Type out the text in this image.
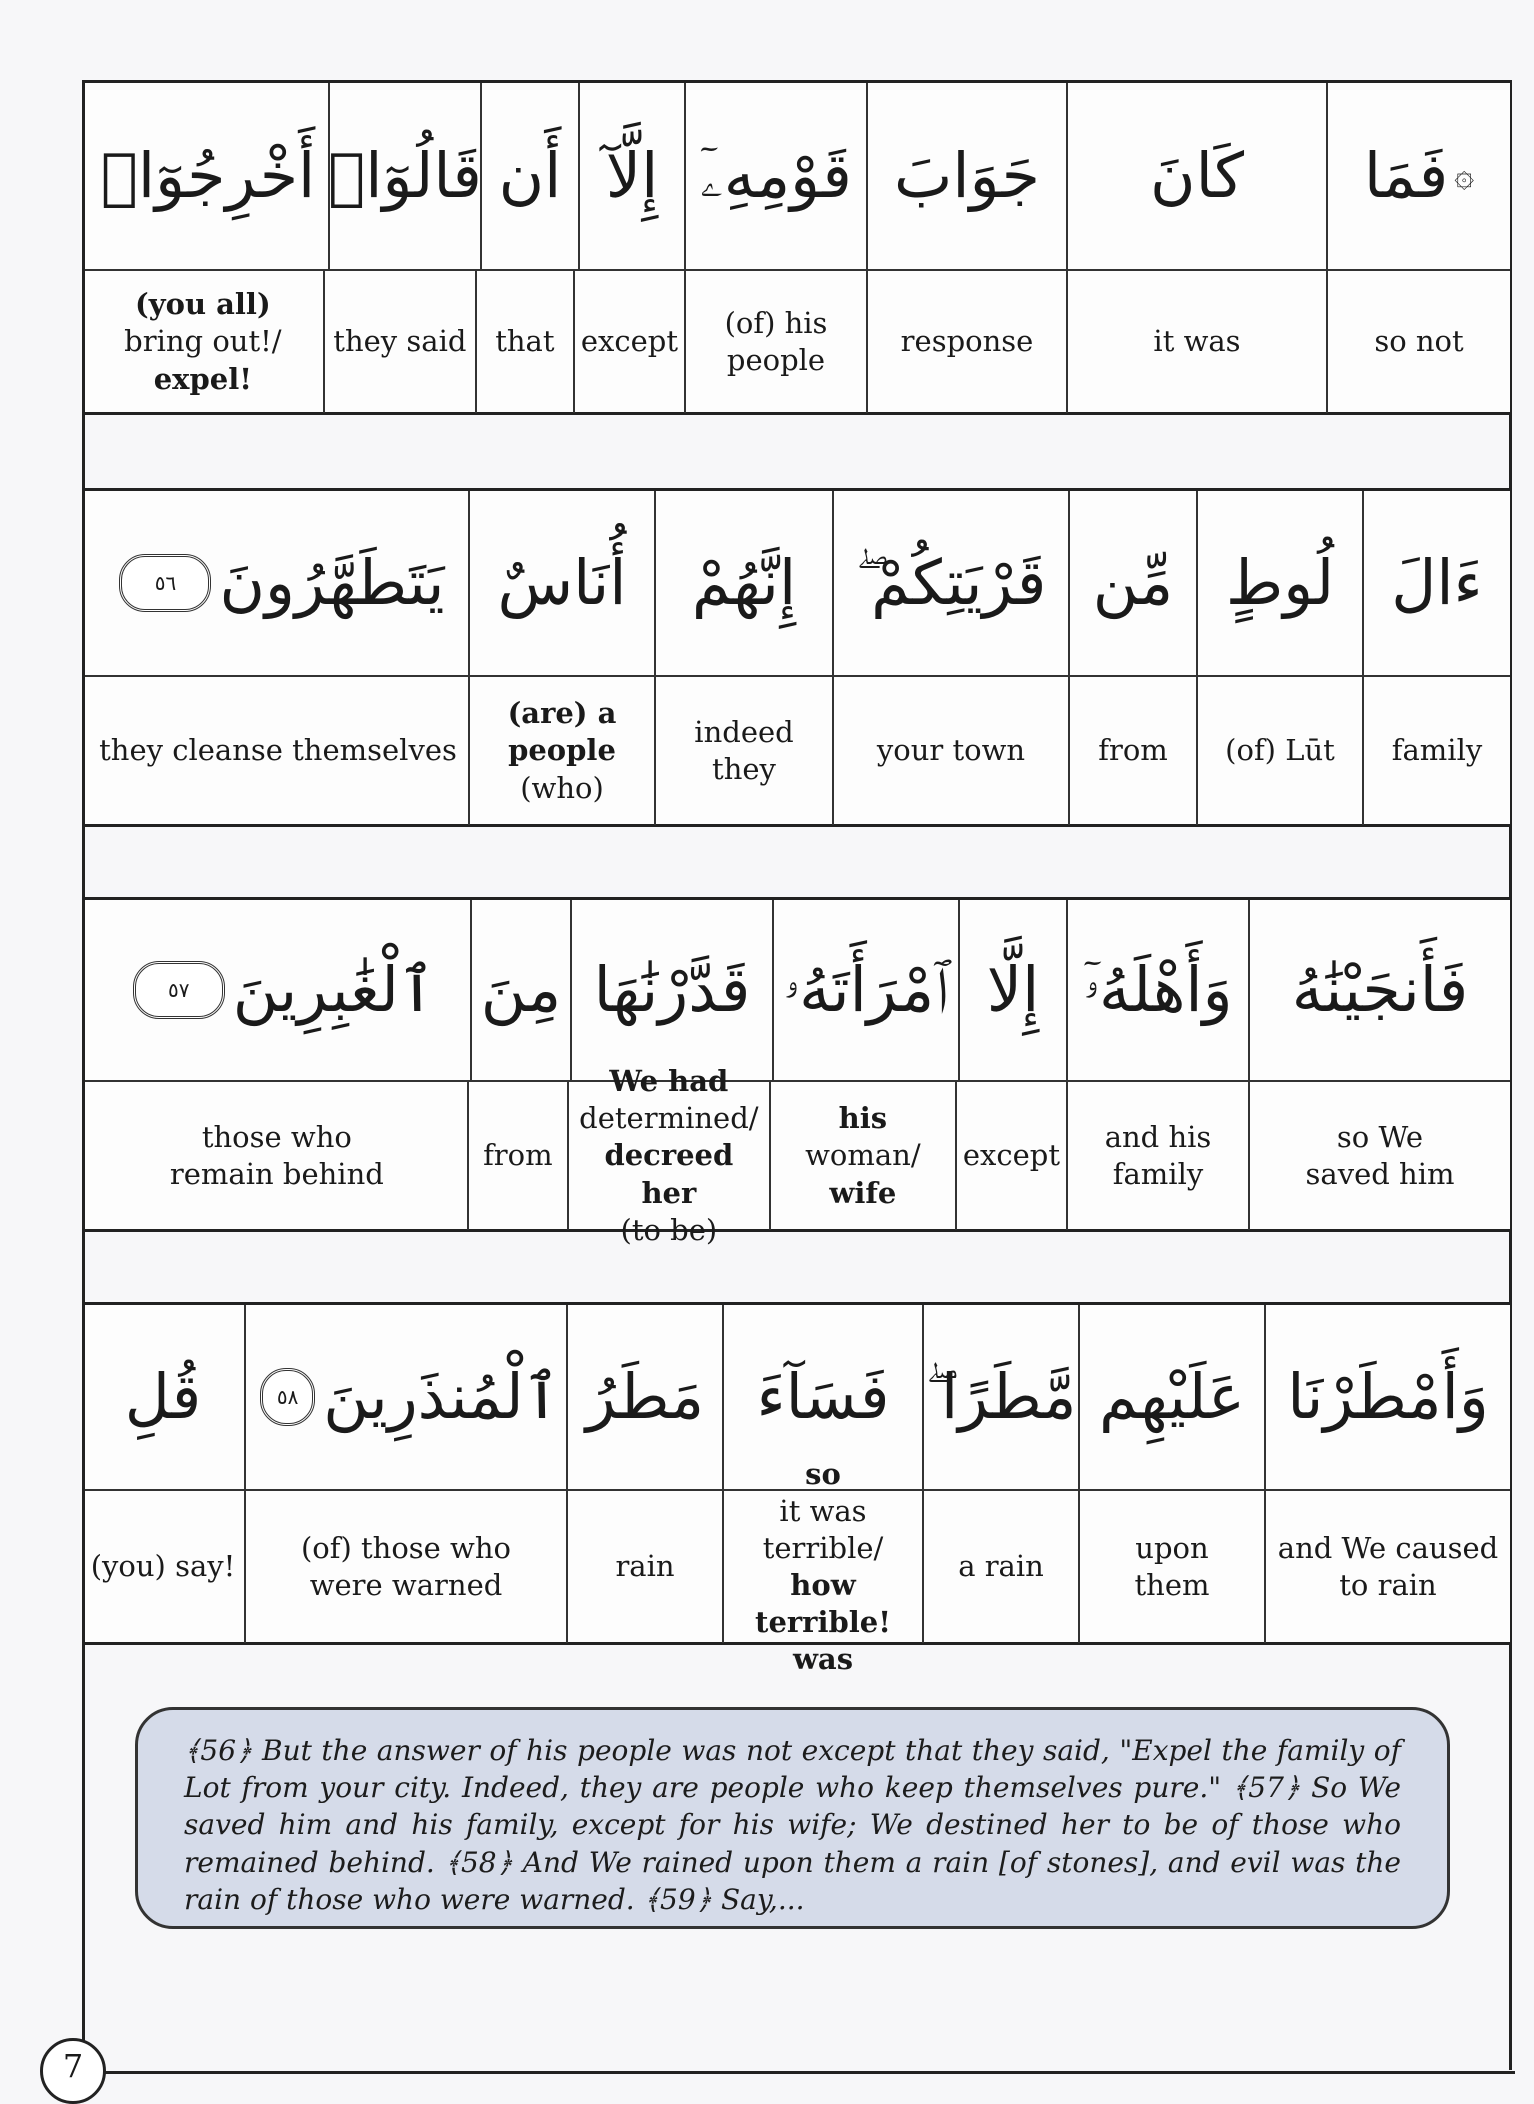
۞
فَمَا
كَانَ
جَوَابَ
قَوْمِهِۦٓ
إِلَّآ
أَن
قَالُوٓا۟
أَخْرِجُوٓا۟
so not
it was
response
(of) his
people
except
that
they said
(you all)
bring out!/
expel!
ءَالَ
لُوطٍ
مِّن
قَرْيَتِكُمْ ۖ
إِنَّهُمْ
أُنَاسٌ
يَتَطَهَّرُونَ
٥٦
family
(of) Lūt
from
your town
indeed
they
(are) a
people
(who)
they cleanse themselves
فَأَنجَيْنَٰهُ
وَأَهْلَهُۥٓ
إِلَّا
ٱمْرَأَتَهُۥ
قَدَّرْنَٰهَا
مِنَ
ٱلْغَٰبِرِينَ
٥٧
so We
saved him
and his
family
except
his
woman/
wife
We had
determined/
decreed her
(to be)
from
those who
remain behind
وَأَمْطَرْنَا
عَلَيْهِم
مَّطَرًا ۖ
فَسَآءَ
مَطَرُ
ٱلْمُنذَرِينَ
٥٨
قُلِ
and We caused
to rain
upon
them
a rain
so
it was
terrible/
how
terrible! was
rain
(of) those who
were warned
(you) say!
﴾56﴿ But the answer of his people was not except that they said, "Expel the family of Lot from your city. Indeed, they are people who keep themselves pure." ﴾57﴿ So We saved him and his family, except for his wife; We destined her to be of those who remained behind. ﴾58﴿ And We rained upon them a rain [of stones], and evil was the rain of those who were warned. ﴾59﴿ Say,...
7
